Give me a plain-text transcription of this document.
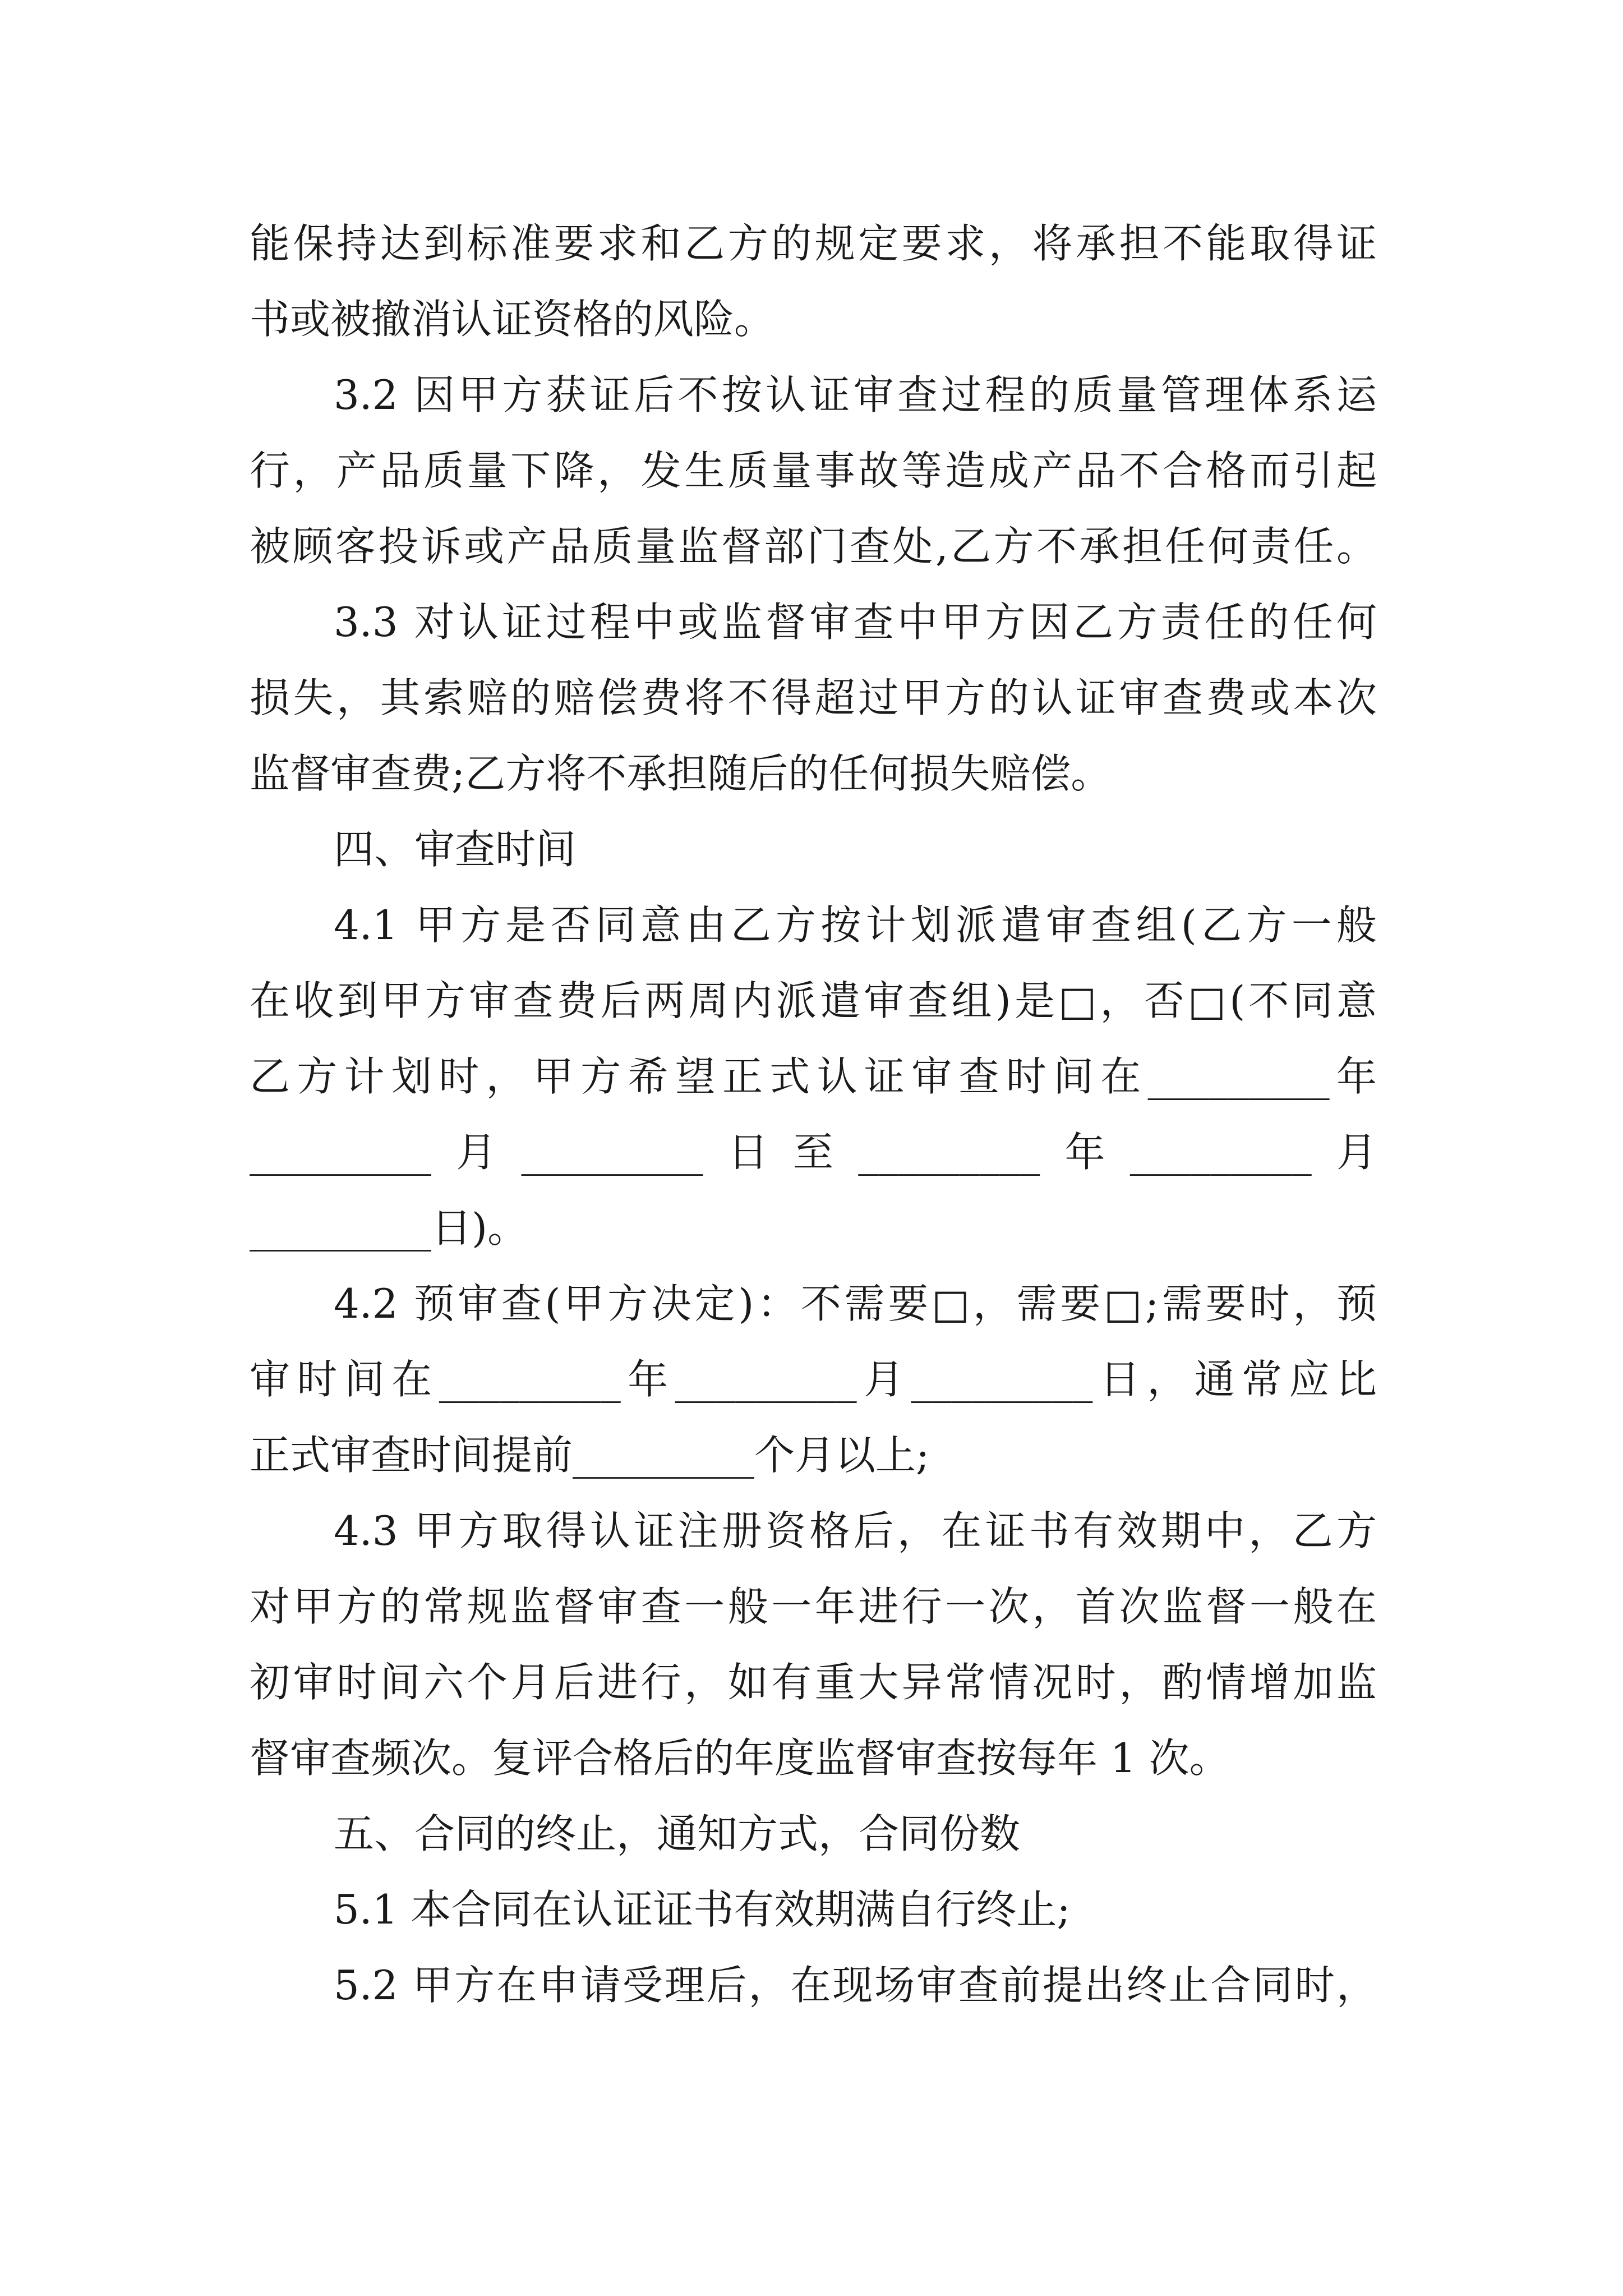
能保持达到标准要求和乙方的规定要求，将承担不能取得证
书或被撤消认证资格的风险。
3.2 因甲方获证后不按认证审查过程的质量管理体系运
行，产品质量下降，发生质量事故等造成产品不合格而引起
被顾客投诉或产品质量监督部门查处,乙方不承担任何责任。
3.3 对认证过程中或监督审查中甲方因乙方责任的任何
损失，其索赔的赔偿费将不得超过甲方的认证审查费或本次
监督审查费;乙方将不承担随后的任何损失赔偿。
四、审查时间
4.1 甲方是否同意由乙方按计划派遣审查组(乙方一般
在收到甲方审查费后两周内派遣审查组)是□，否□(不同意
乙方计划时，甲方希望正式认证审查时间在_________年
_________月_________日至_________年_________月
_________日)。
4.2 预审查(甲方决定)：不需要□，需要□;需要时，预
审时间在_________年_________月_________日，通常应比
正式审查时间提前_________个月以上;
4.3 甲方取得认证注册资格后，在证书有效期中，乙方
对甲方的常规监督审查一般一年进行一次，首次监督一般在
初审时间六个月后进行，如有重大异常情况时，酌情增加监
督审查频次。复评合格后的年度监督审查按每年 1 次。
五、合同的终止，通知方式，合同份数
5.1 本合同在认证证书有效期满自行终止;
5.2 甲方在申请受理后，在现场审查前提出终止合同时，
